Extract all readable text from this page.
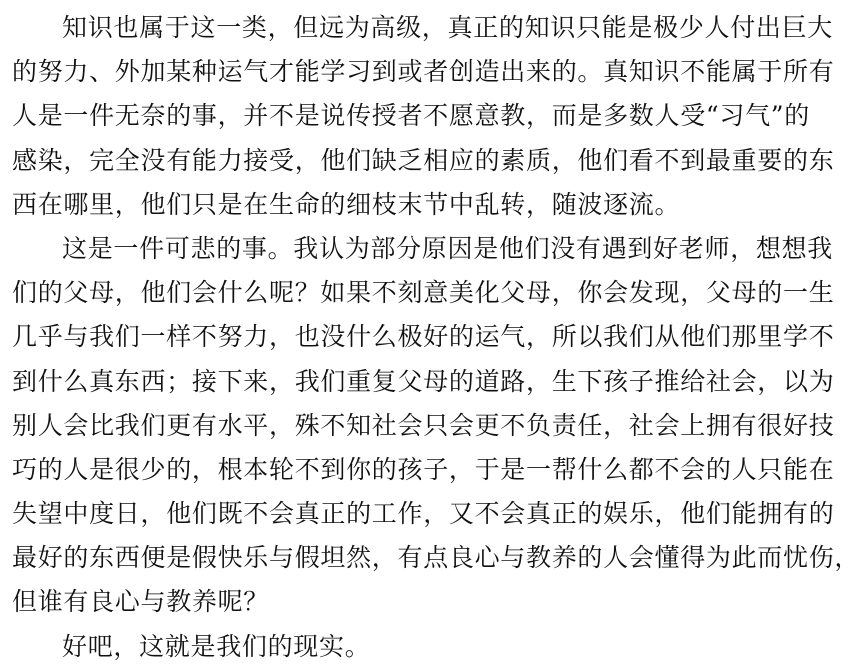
知识也属于这一类，但远为高级，真正的知识只能是极少人付出巨大
的努力、外加某种运气才能学习到或者创造出来的。真知识不能属于所有
人是一件无奈的事，并不是说传授者不愿意教，而是多数人受“习气”的
感染，完全没有能力接受，他们缺乏相应的素质，他们看不到最重要的东
西在哪里，他们只是在生命的细枝末节中乱转，随波逐流。
这是一件可悲的事。我认为部分原因是他们没有遇到好老师，想想我
们的父母，他们会什么呢？如果不刻意美化父母，你会发现，父母的一生
几乎与我们一样不努力，也没什么极好的运气，所以我们从他们那里学不
到什么真东西；接下来，我们重复父母的道路，生下孩子推给社会，以为
别人会比我们更有水平，殊不知社会只会更不负责任，社会上拥有很好技
巧的人是很少的，根本轮不到你的孩子，于是一帮什么都不会的人只能在
失望中度日，他们既不会真正的工作，又不会真正的娱乐，他们能拥有的
最好的东西便是假快乐与假坦然，有点良心与教养的人会懂得为此而忧伤，
但谁有良心与教养呢？
好吧，这就是我们的现实。
